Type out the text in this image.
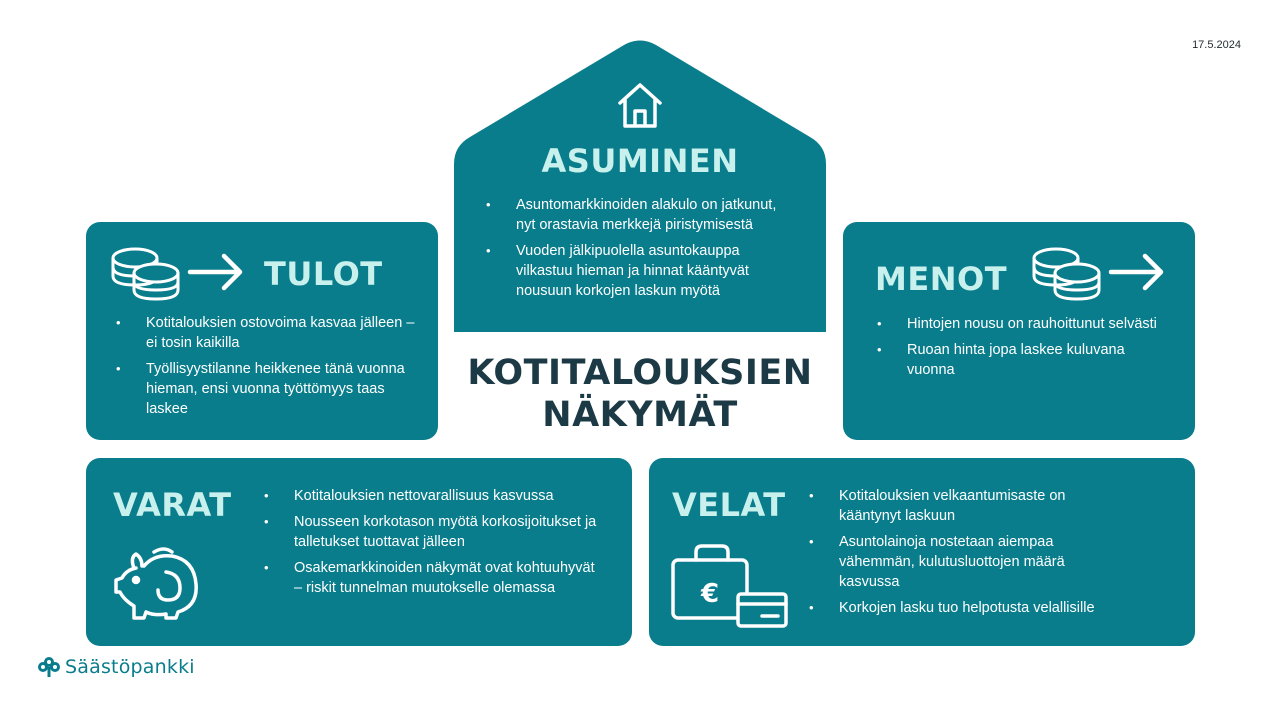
17.5.2024
ASUMINEN
• Asuntomarkkinoiden alakulo on jatkunut, nyt orastavia merkkejä piristymisestä
• Vuoden jälkipuolella asuntokauppa vilkastuu hieman ja hinnat kääntyvät nousuun korkojen laskun myötä
TULOT
• Kotitalouksien ostovoima kasvaa jälleen – ei tosin kaikilla
• Työllisyystilanne heikkenee tänä vuonna hieman, ensi vuonna työttömyys taas laskee
MENOT
• Hintojen nousu on rauhoittunut selvästi
• Ruoan hinta jopa laskee kuluvana vuonna
KOTITALOUKSIEN
NÄKYMÄT
VARAT
•	Kotitalouksien nettovarallisuus kasvussa
• Nousseen korkotason myötä korkosijoitukset ja talletukset tuottavat jälleen
• Osakemarkkinoiden näkymät ovat kohtuuhyvät – riskit tunnelman muutokselle olemassa
VELAT
€
• Kotitalouksien velkaantumisaste on kääntynyt laskuun
• Asuntolainoja nostetaan aiempaa vähemmän, kulutusluottojen määrä kasvussa
• Korkojen lasku tuo helpotusta velallisille
Säästöpankki
